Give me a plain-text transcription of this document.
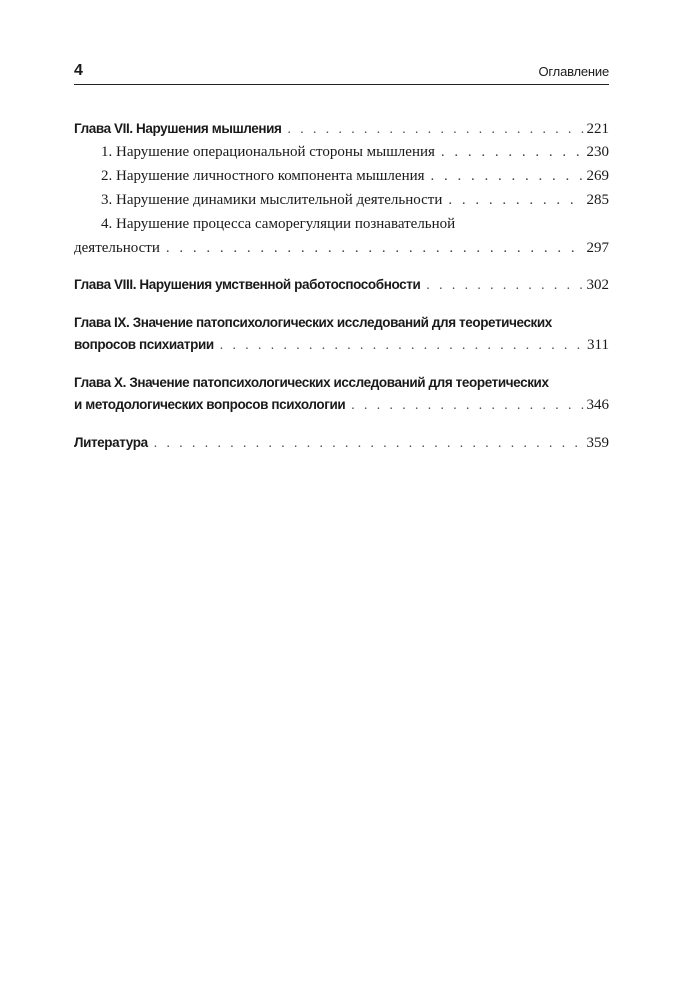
4	Оглавление
Глава VII. Нарушения мышления . . .	221
1. Нарушение операциональной стороны мышления . . .	230
2. Нарушение личностного компонента мышления . . .	269
3. Нарушение динамики мыслительной деятельности . . .	285
4. Нарушение процесса саморегуляции познавательной
деятельности . . .	297
Глава VIII. Нарушения умственной работоспособности . . .	302
Глава IX. Значение патопсихологических исследований для теоретических
вопросов психиатрии . . .	311
Глава X. Значение патопсихологических исследований для теоретических
и методологических вопросов психологии . . .	346
Литература . . .	359
